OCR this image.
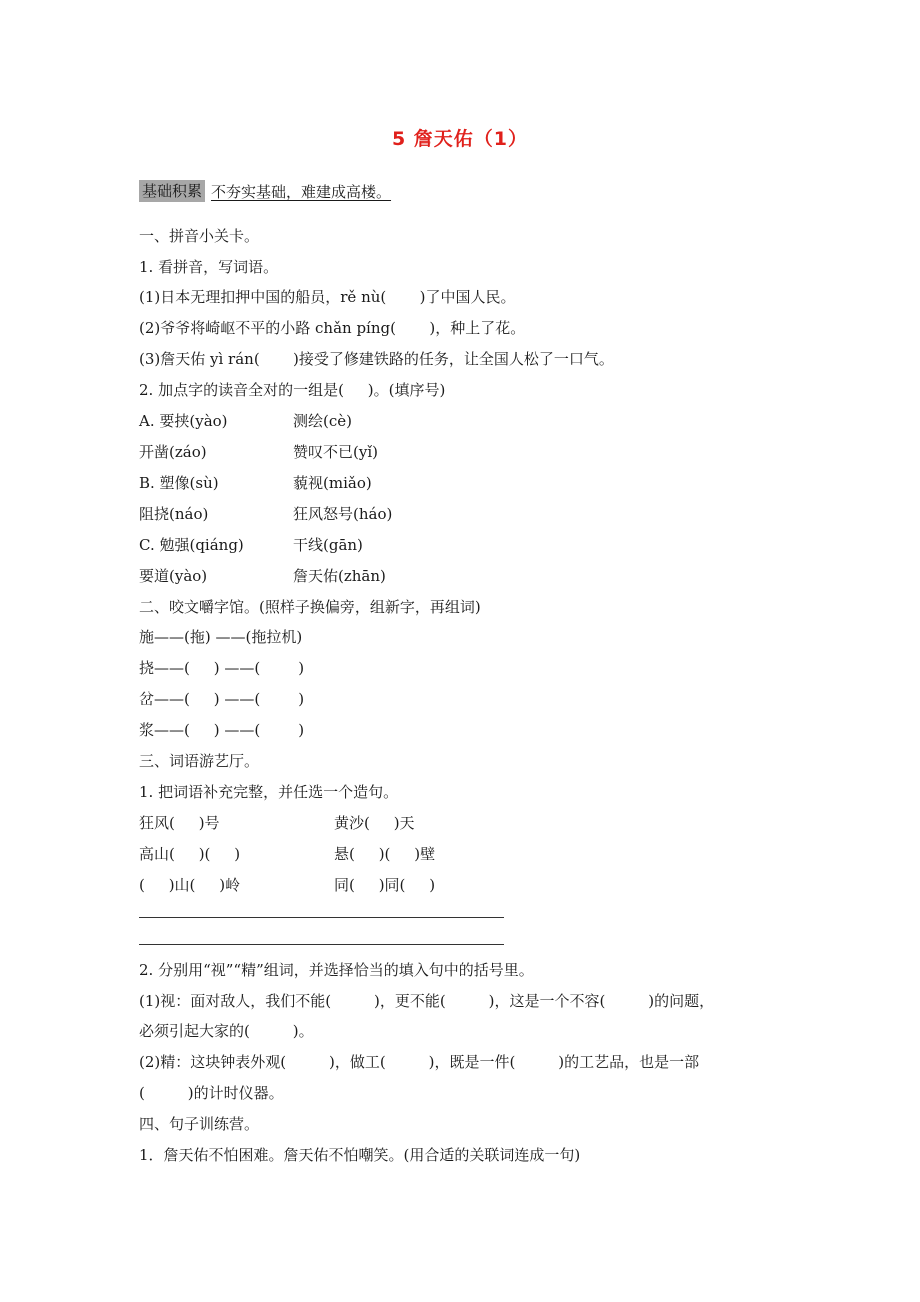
5 詹天佑（1）
基础积累 不夯实基础，难建成高楼。
一、拼音小关卡。
1. 看拼音，写词语。
(1)日本无理扣押中国的船员，rě nù(       )了中国人民。
(2)爷爷将崎岖不平的小路 chǎn píng(       )，种上了花。
(3)詹天佑 yì rán(       )接受了修建铁路的任务，让全国人松了一口气。
2. 加点字的读音全对的一组是(     )。(填序号)
A. 要挟(yào)	测绘(cè)
开凿(záo)	赞叹不已(yǐ)
B. 塑像(sù)	藐视(miǎo)
阻挠(náo)	狂风怒号(háo)
C. 勉强(qiáng)	干线(gān)
要道(yào)	詹天佑(zhān)
二、咬文嚼字馆。(照样子换偏旁，组新字，再组词)
施——(拖) ——(拖拉机)
挠——(     ) ——(        )
岔——(     ) ——(        )
浆——(     ) ——(        )
三、词语游艺厅。
1. 把词语补充完整，并任选一个造句。
狂风(     )号	黄沙(     )天
高山(     )(     )	悬(     )(     )壁
(     )山(     )岭	同(     )同(     )
2. 分别用“视”“精”组词，并选择恰当的填入句中的括号里。
(1)视：面对敌人，我们不能(         )，更不能(         )，这是一个不容(         )的问题，
必须引起大家的(         )。
(2)精：这块钟表外观(         )，做工(         )，既是一件(         )的工艺品，也是一部
(         )的计时仪器。
四、句子训练营。
1．詹天佑不怕困难。詹天佑不怕嘲笑。(用合适的关联词连成一句)
